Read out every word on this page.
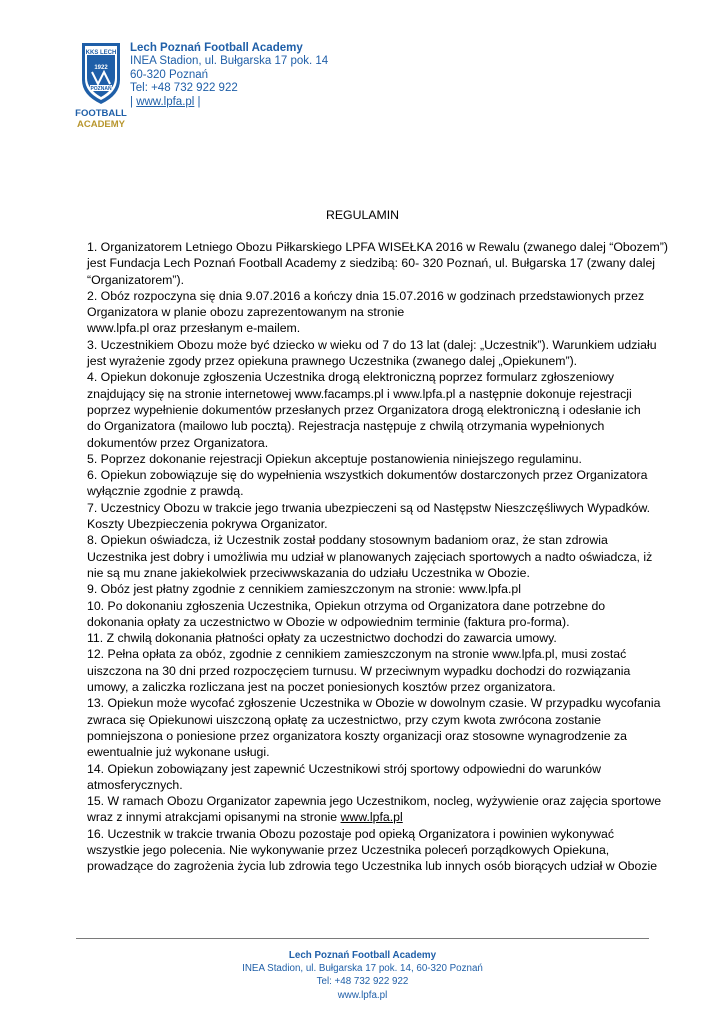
KKS LECH
1922
POZNAŃ
FOOTBALL
ACADEMY
Lech Poznań Football Academy
INEA Stadion, ul. Bułgarska 17 pok. 14
60-320 Poznań
Tel: +48 732 922 922
| www.lpfa.pl |
REGULAMIN
1. Organizatorem Letniego Obozu Piłkarskiego LPFA WISEŁKA 2016 w Rewalu (zwanego dalej “Obozem”)
jest Fundacja Lech Poznań Football Academy z siedzibą: 60- 320 Poznań, ul. Bułgarska 17 (zwany dalej
“Organizatorem”).
2. Obóz rozpoczyna się dnia 9.07.2016 a kończy dnia 15.07.2016 w godzinach przedstawionych przez
Organizatora w planie obozu zaprezentowanym na stronie
www.lpfa.pl oraz przesłanym e-mailem.
3. Uczestnikiem Obozu może być dziecko w wieku od 7 do 13 lat (dalej: „Uczestnik”). Warunkiem udziału
jest wyrażenie zgody przez opiekuna prawnego Uczestnika (zwanego dalej „Opiekunem”).
4. Opiekun dokonuje zgłoszenia Uczestnika drogą elektroniczną poprzez formularz zgłoszeniowy
znajdujący się na stronie internetowej www.facamps.pl i www.lpfa.pl a następnie dokonuje rejestracji
poprzez wypełnienie dokumentów przesłanych przez Organizatora drogą elektroniczną i odesłanie ich
do Organizatora (mailowo lub pocztą). Rejestracja następuje z chwilą otrzymania wypełnionych
dokumentów przez Organizatora.
5. Poprzez dokonanie rejestracji Opiekun akceptuje postanowienia niniejszego regulaminu.
6. Opiekun zobowiązuje się do wypełnienia wszystkich dokumentów dostarczonych przez Organizatora
wyłącznie zgodnie z prawdą.
7. Uczestnicy Obozu w trakcie jego trwania ubezpieczeni są od Następstw Nieszczęśliwych Wypadków.
Koszty Ubezpieczenia pokrywa Organizator.
8. Opiekun oświadcza, iż Uczestnik został poddany stosownym badaniom oraz, że stan zdrowia
Uczestnika jest dobry i umożliwia mu udział w planowanych zajęciach sportowych a nadto oświadcza, iż
nie są mu znane jakiekolwiek przeciwwskazania do udziału Uczestnika w Obozie.
9. Obóz jest płatny zgodnie z cennikiem zamieszczonym na stronie: www.lpfa.pl
10. Po dokonaniu zgłoszenia Uczestnika, Opiekun otrzyma od Organizatora dane potrzebne do
dokonania opłaty za uczestnictwo w Obozie w odpowiednim terminie (faktura pro-forma).
11. Z chwilą dokonania płatności opłaty za uczestnictwo dochodzi do zawarcia umowy.
12. Pełna opłata za obóz, zgodnie z cennikiem zamieszczonym na stronie www.lpfa.pl, musi zostać
uiszczona na 30 dni przed rozpoczęciem turnusu. W przeciwnym wypadku dochodzi do rozwiązania
umowy, a zaliczka rozliczana jest na poczet poniesionych kosztów przez organizatora.
13. Opiekun może wycofać zgłoszenie Uczestnika w Obozie w dowolnym czasie. W przypadku wycofania
zwraca się Opiekunowi uiszczoną opłatę za uczestnictwo, przy czym kwota zwrócona zostanie
pomniejszona o poniesione przez organizatora koszty organizacji oraz stosowne wynagrodzenie za
ewentualnie już wykonane usługi.
14. Opiekun zobowiązany jest zapewnić Uczestnikowi strój sportowy odpowiedni do warunków
atmosferycznych.
15. W ramach Obozu Organizator zapewnia jego Uczestnikom, nocleg, wyżywienie oraz zajęcia sportowe
wraz z innymi atrakcjami opisanymi na stronie www.lpfa.pl
16. Uczestnik w trakcie trwania Obozu pozostaje pod opieką Organizatora i powinien wykonywać
wszystkie jego polecenia. Nie wykonywanie przez Uczestnika poleceń porządkowych Opiekuna,
prowadzące do zagrożenia życia lub zdrowia tego Uczestnika lub innych osób biorących udział w Obozie
Lech Poznań Football Academy
INEA Stadion, ul. Bułgarska 17 pok. 14, 60-320 Poznań
Tel: +48 732 922 922
www.lpfa.pl
